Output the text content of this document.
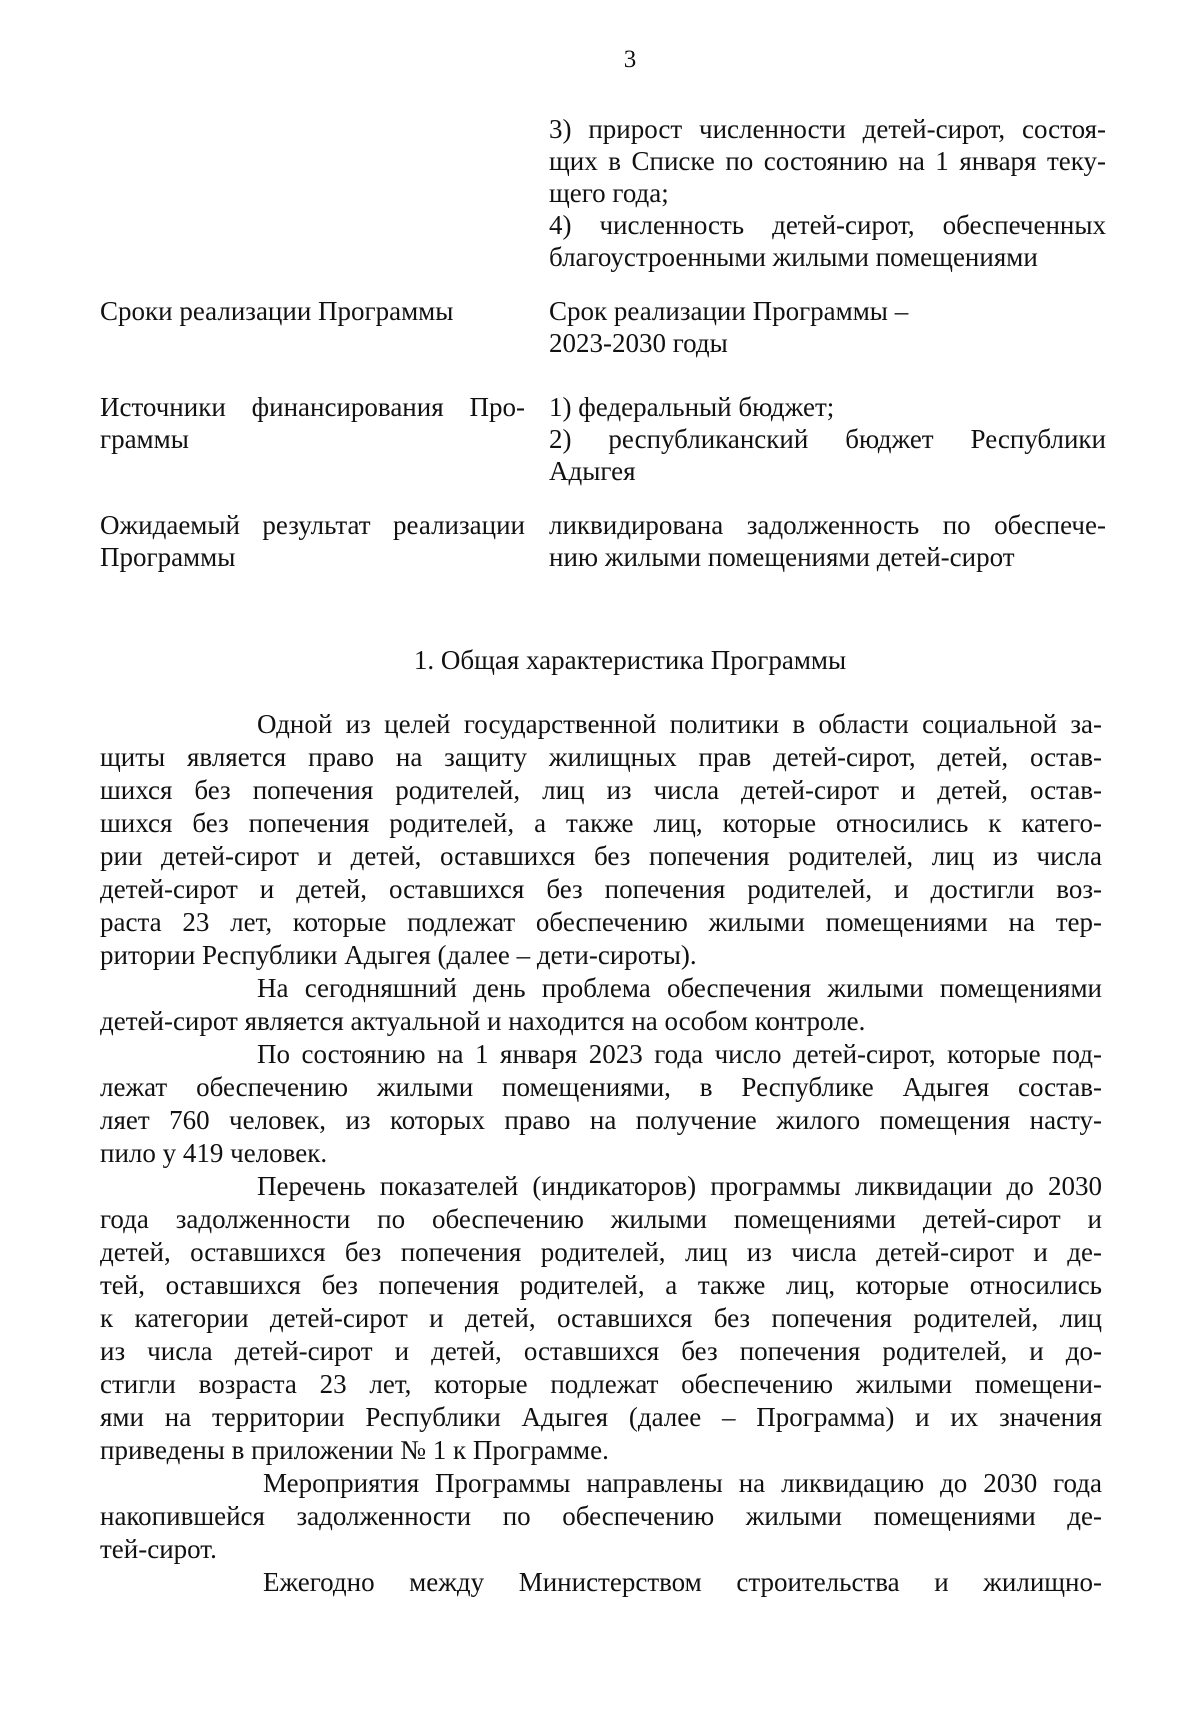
3
3) прирост численности детей-сирот, состоя-
щих в Списке по состоянию на 1 января теку-
щего года;
4) численность детей-сирот, обеспеченных
благоустроенными жилыми помещениями
Сроки реализации Программы	Срок реализации Программы –
2023-2030 годы
Источники финансирования Про-
граммы
1) федеральный бюджет;
2) республиканский бюджет Республики
Адыгея
Ожидаемый результат реализации
Программы
ликвидирована задолженность по обеспече-
нию жилыми помещениями детей-сирот
1. Общая характеристика Программы
Одной из целей государственной политики в области социальной за-
щиты является право на защиту жилищных прав детей-сирот, детей, остав-
шихся без попечения родителей, лиц из числа детей-сирот и детей, остав-
шихся без попечения родителей, а также лиц, которые относились к катего-
рии детей-сирот и детей, оставшихся без попечения родителей, лиц из числа
детей-сирот и детей, оставшихся без попечения родителей, и достигли воз-
раста 23 лет, которые подлежат обеспечению жилыми помещениями на тер-
ритории Республики Адыгея (далее – дети-сироты).
На сегодняшний день проблема обеспечения жилыми помещениями
детей-сирот является актуальной и находится на особом контроле.
По состоянию на 1 января 2023 года число детей-сирот, которые под-
лежат обеспечению жилыми помещениями, в Республике Адыгея состав-
ляет 760 человек, из которых право на получение жилого помещения насту-
пило у 419 человек.
Перечень показателей (индикаторов) программы ликвидации до 2030
года задолженности по обеспечению жилыми помещениями детей-сирот и
детей, оставшихся без попечения родителей, лиц из числа детей-сирот и де-
тей, оставшихся без попечения родителей, а также лиц, которые относились
к категории детей-сирот и детей, оставшихся без попечения родителей, лиц
из числа детей-сирот и детей, оставшихся без попечения родителей, и до-
стигли возраста 23 лет, которые подлежат обеспечению жилыми помещени-
ями на территории Республики Адыгея (далее – Программа) и их значения
приведены в приложении № 1 к Программе.
Мероприятия Программы направлены на ликвидацию до 2030 года
накопившейся задолженности по обеспечению жилыми помещениями де-
тей-сирот.
Ежегодно между Министерством строительства и жилищно-
